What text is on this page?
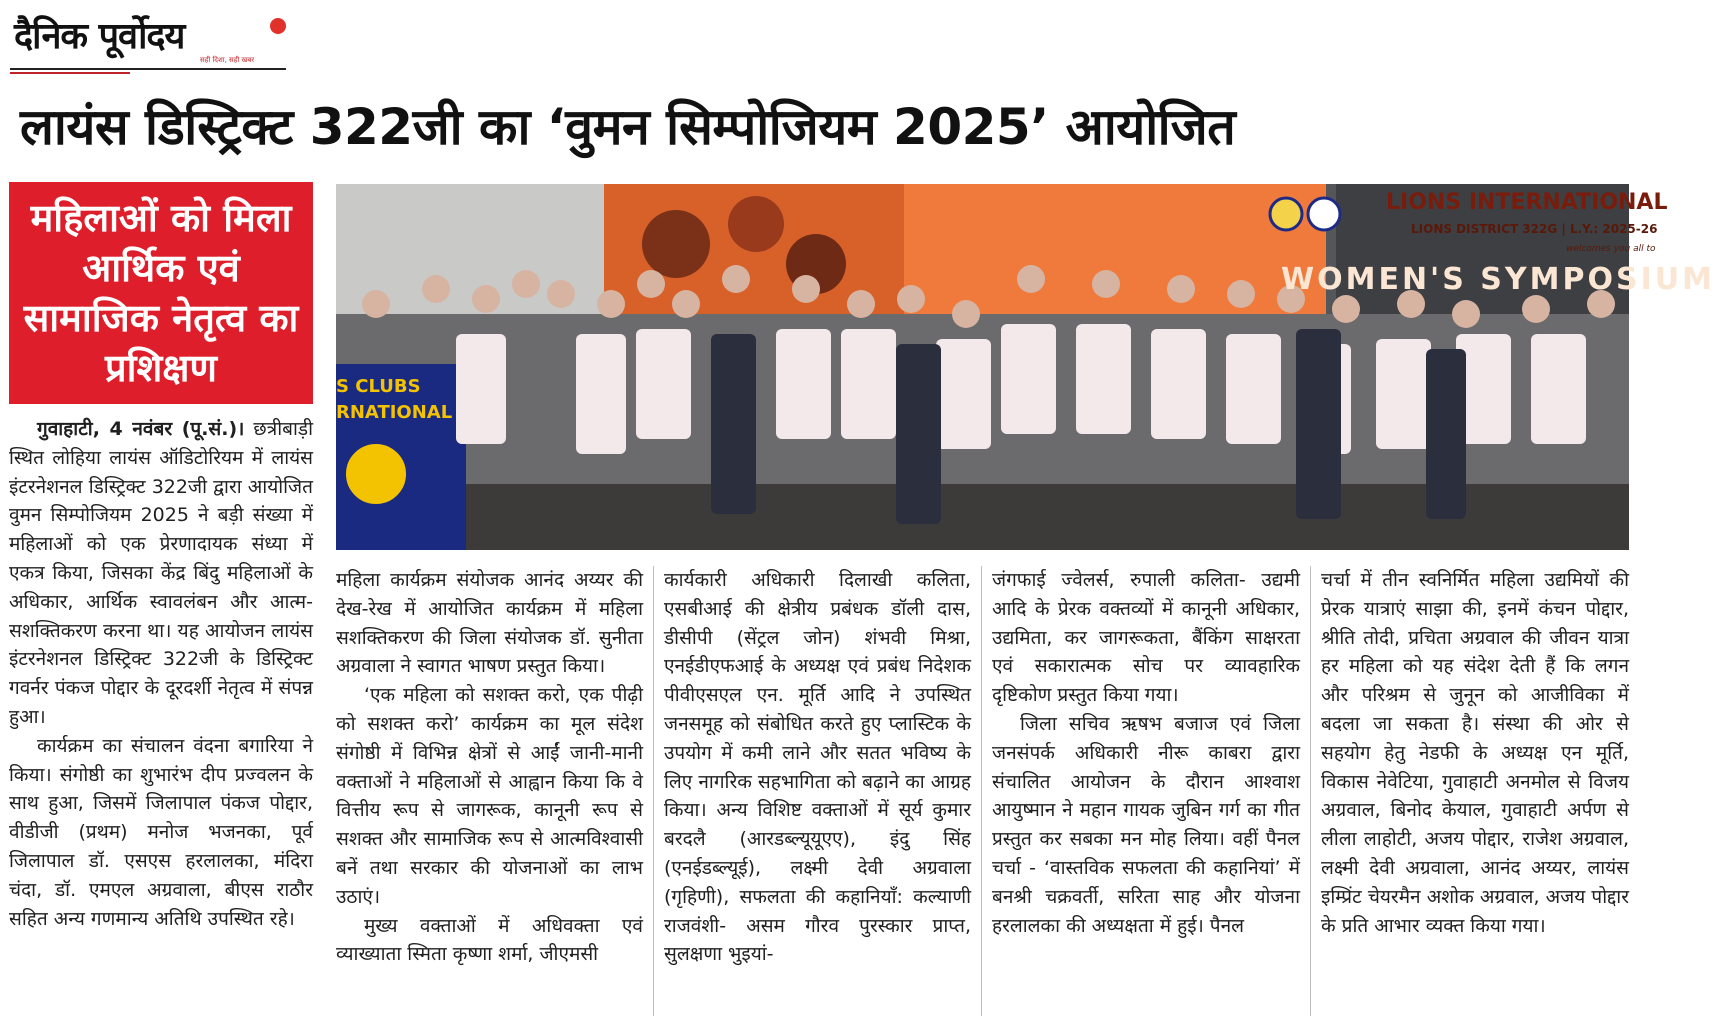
दैनिक पूर्वोदय
सही दिशा, सही खबर
लायंस डिस्ट्रिक्ट 322जी का ‘वुमन सिम्पोजियम 2025’ आयोजित
महिलाओं को मिला आर्थिक एवं सामाजिक नेतृत्व का प्रशिक्षण
LIONS INTERNATIONAL
LIONS DISTRICT 322G | L.Y.: 2025-26
welcomes you all to
WOMEN'S SYMPOSIUM
S CLUBS
RNATIONAL

गुवाहाटी, 4 नवंबर (पू.सं.)। छत्रीबाड़ी स्थित लोहिया लायंस ऑडिटोरियम में लायंस इंटरनेशनल डिस्ट्रिक्ट 322जी द्वारा आयोजित वुमन सिम्पोजियम 2025 ने बड़ी संख्या में महिलाओं को एक प्रेरणादायक संध्या में एकत्र किया, जिसका केंद्र बिंदु महिलाओं के अधिकार, आर्थिक स्वावलंबन और आत्म-सशक्तिकरण करना था। यह आयोजन लायंस इंटरनेशनल डिस्ट्रिक्ट 322जी के डिस्ट्रिक्ट गवर्नर पंकज पोद्दार के दूरदर्शी नेतृत्व में संपन्न हुआ।

कार्यक्रम का संचालन वंदना बगारिया ने किया। संगोष्ठी का शुभारंभ दीप प्रज्वलन के साथ हुआ, जिसमें जिलापाल पंकज पोद्दार, वीडीजी (प्रथम) मनोज भजनका, पूर्व जिलापाल डॉ. एसएस हरलालका, मंदिरा चंदा, डॉ. एमएल अग्रवाला, बीएस राठौर सहित अन्य गणमान्य अतिथि उपस्थित रहे।

महिला कार्यक्रम संयोजक आनंद अय्यर की देख-रेख में आयोजित कार्यक्रम में महिला सशक्तिकरण की जिला संयोजक डॉ. सुनीता अग्रवाला ने स्वागत भाषण प्रस्तुत किया।

‘एक महिला को सशक्त करो, एक पीढ़ी को सशक्त करो’ कार्यक्रम का मूल संदेश संगोष्ठी में विभिन्न क्षेत्रों से आईं जानी-मानी वक्ताओं ने महिलाओं से आह्वान किया कि वे वित्तीय रूप से जागरूक, कानूनी रूप से सशक्त और सामाजिक रूप से आत्मविश्वासी बनें तथा सरकार की योजनाओं का लाभ उठाएं।

मुख्य वक्ताओं में अधिवक्ता एवं व्याख्याता स्मिता कृष्णा शर्मा, जीएमसी

कार्यकारी अधिकारी दिलाखी कलिता, एसबीआई की क्षेत्रीय प्रबंधक डॉली दास, डीसीपी (सेंट्रल जोन) शंभवी मिश्रा, एनईडीएफआई के अध्यक्ष एवं प्रबंध निदेशक पीवीएसएल एन. मूर्ति आदि ने उपस्थित जनसमूह को संबोधित करते हुए प्लास्टिक के उपयोग में कमी लाने और सतत भविष्य के लिए नागरिक सहभागिता को बढ़ाने का आग्रह किया। अन्य विशिष्ट वक्ताओं में सूर्य कुमार बरदलै (आरडब्ल्यूयूएए), इंदु सिंह (एनईडब्ल्यूई), लक्ष्मी देवी अग्रवाला (गृहिणी), सफलता की कहानियाँ: कल्याणी राजवंशी- असम गौरव पुरस्कार प्राप्त, सुलक्षणा भुइयां-

जंगफाई ज्वेलर्स, रुपाली कलिता- उद्यमी आदि के प्रेरक वक्तव्यों में कानूनी अधिकार, उद्यमिता, कर जागरूकता, बैंकिंग साक्षरता एवं सकारात्मक सोच पर व्यावहारिक दृष्टिकोण प्रस्तुत किया गया।

जिला सचिव ऋषभ बजाज एवं जिला जनसंपर्क अधिकारी नीरू काबरा द्वारा संचालित आयोजन के दौरान आश्वाश आयुष्मान ने महान गायक जुबिन गर्ग का गीत प्रस्तुत कर सबका मन मोह लिया। वहीं पैनल चर्चा - ‘वास्तविक सफलता की कहानियां’ में बनश्री चक्रवर्ती, सरिता साह और योजना हरलालका की अध्यक्षता में हुई। पैनल

चर्चा में तीन स्वनिर्मित महिला उद्यमियों की प्रेरक यात्राएं साझा की, इनमें कंचन पोद्दार, श्रीति तोदी, प्रचिता अग्रवाल की जीवन यात्रा हर महिला को यह संदेश देती हैं कि लगन और परिश्रम से जुनून को आजीविका में बदला जा सकता है। संस्था की ओर से सहयोग हेतु नेडफी के अध्यक्ष एन मूर्ति, विकास नेवेटिया, गुवाहाटी अनमोल से विजय अग्रवाल, बिनोद केयाल, गुवाहाटी अर्पण से लीला लाहोटी, अजय पोद्दार, राजेश अग्रवाल, लक्ष्मी देवी अग्रवाला, आनंद अय्यर, लायंस इम्प्रिंट चेयरमैन अशोक अग्रवाल, अजय पोद्दार के प्रति आभार व्यक्त किया गया।
